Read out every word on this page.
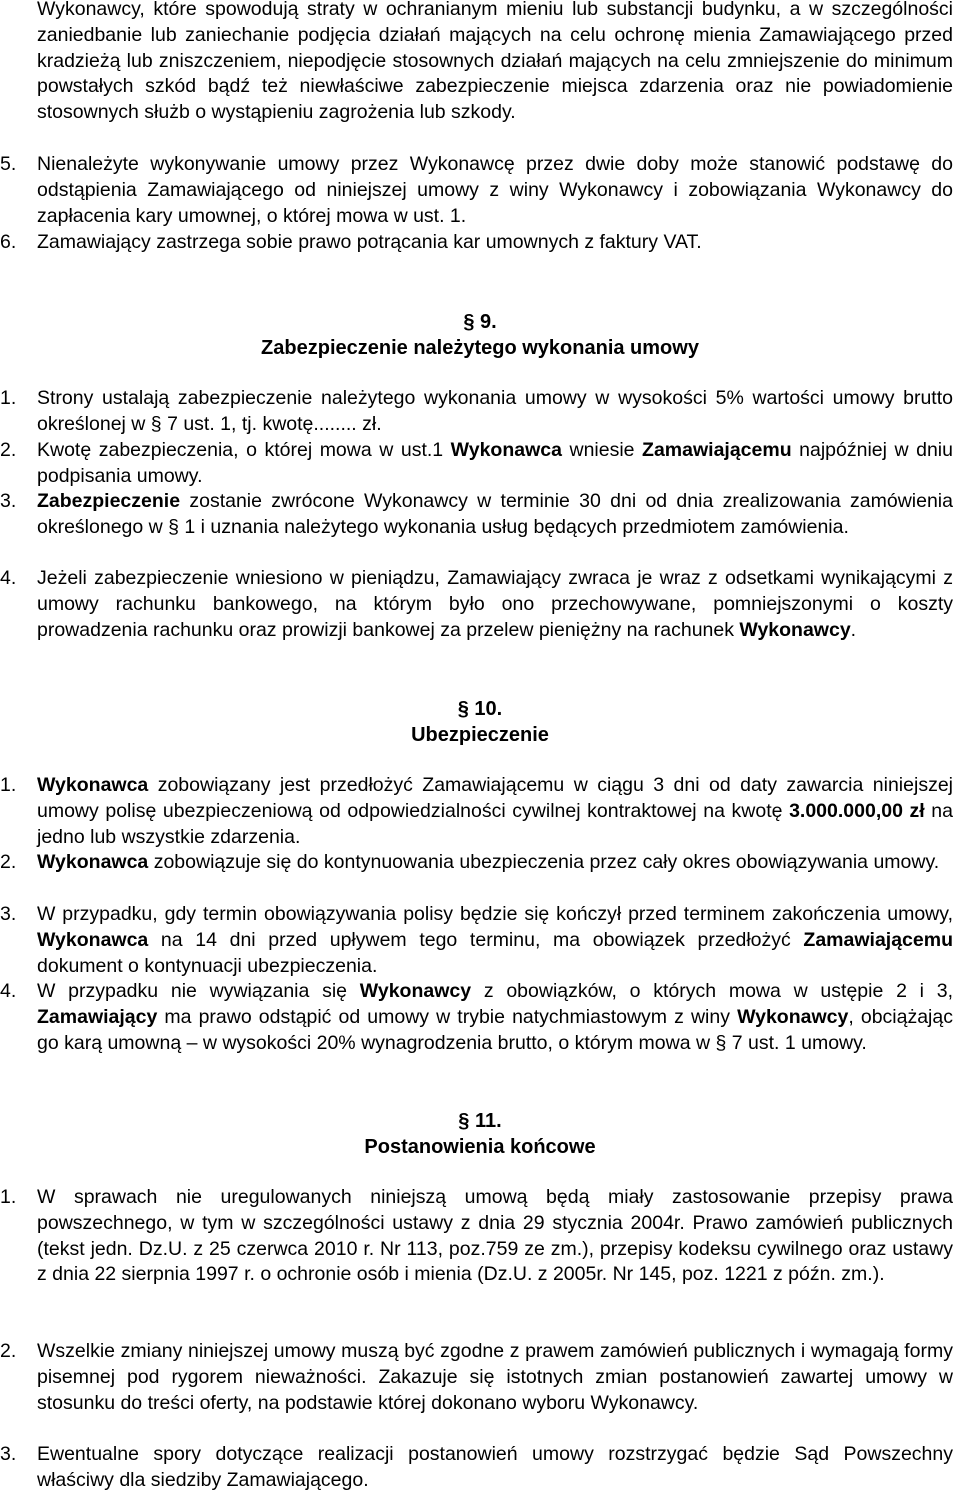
Wykonawcy, które spowodują straty w ochranianym mieniu lub substancji budynku, a w szczególności zaniedbanie lub zaniechanie podjęcia działań mających na celu ochronę mienia Zamawiającego przed kradzieżą lub zniszczeniem, niepodjęcie stosownych działań mających na celu zmniejszenie do minimum powstałych szkód bądź też niewłaściwe zabezpieczenie miejsca zdarzenia oraz nie powiadomienie stosownych służb o wystąpieniu zagrożenia lub szkody.

5. Nienależyte wykonywanie umowy przez Wykonawcę przez dwie doby może stanowić podstawę do odstąpienia Zamawiającego od niniejszej umowy z winy Wykonawcy i zobowiązania Wykonawcy do zapłacenia kary umownej, o której mowa w ust. 1.

6. Zamawiający zastrzega sobie prawo potrącania kar umownych z faktury VAT.

§ 9.

Zabezpieczenie należytego wykonania umowy

1. Strony ustalają zabezpieczenie należytego wykonania umowy w wysokości 5% wartości umowy brutto określonej w § 7 ust. 1, tj. kwotę........ zł.

2. Kwotę zabezpieczenia, o której mowa w ust.1 Wykonawca wniesie Zamawiającemu najpóźniej w dniu podpisania umowy.

3. Zabezpieczenie zostanie zwrócone Wykonawcy w terminie 30 dni od dnia zrealizowania zamówienia określonego w § 1 i uznania należytego wykonania usług będących przedmiotem zamówienia.

4. Jeżeli zabezpieczenie wniesiono w pieniądzu, Zamawiający zwraca je wraz z odsetkami wynikającymi z umowy rachunku bankowego, na którym było ono przechowywane, pomniejszonymi o koszty prowadzenia rachunku oraz prowizji bankowej za przelew pieniężny na rachunek Wykonawcy.

§ 10.

Ubezpieczenie

1. Wykonawca zobowiązany jest przedłożyć Zamawiającemu w ciągu 3 dni od daty zawarcia niniejszej umowy polisę ubezpieczeniową od odpowiedzialności cywilnej kontraktowej na kwotę 3.000.000,00 zł na jedno lub wszystkie zdarzenia.

2. Wykonawca zobowiązuje się do kontynuowania ubezpieczenia przez cały okres obowiązywania umowy.

3. W przypadku, gdy termin obowiązywania polisy będzie się kończył przed terminem zakończenia umowy, Wykonawca na 14 dni przed upływem tego terminu, ma obowiązek przedłożyć Zamawiającemu dokument o kontynuacji ubezpieczenia.

4. W przypadku nie wywiązania się Wykonawcy z obowiązków, o których mowa w ustępie 2 i 3, Zamawiający ma prawo odstąpić od umowy w trybie natychmiastowym z winy Wykonawcy, obciążając go karą umowną – w wysokości 20% wynagrodzenia brutto, o którym mowa w § 7 ust. 1 umowy.

§ 11.

Postanowienia końcowe

1. W sprawach nie uregulowanych niniejszą umową będą miały zastosowanie przepisy prawa powszechnego, w tym w szczególności ustawy z dnia 29 stycznia 2004r. Prawo zamówień publicznych (tekst jedn. Dz.U. z 25 czerwca 2010 r. Nr 113, poz.759 ze zm.), przepisy kodeksu cywilnego oraz ustawy z dnia 22 sierpnia 1997 r. o ochronie osób i mienia (Dz.U. z 2005r. Nr 145, poz. 1221 z późn. zm.).

2. Wszelkie zmiany niniejszej umowy muszą być zgodne z prawem zamówień publicznych i wymagają formy pisemnej pod rygorem nieważności. Zakazuje się istotnych zmian postanowień zawartej umowy w stosunku do treści oferty, na podstawie której dokonano wyboru Wykonawcy.

3. Ewentualne spory dotyczące realizacji postanowień umowy rozstrzygać będzie Sąd Powszechny właściwy dla siedziby Zamawiającego.
